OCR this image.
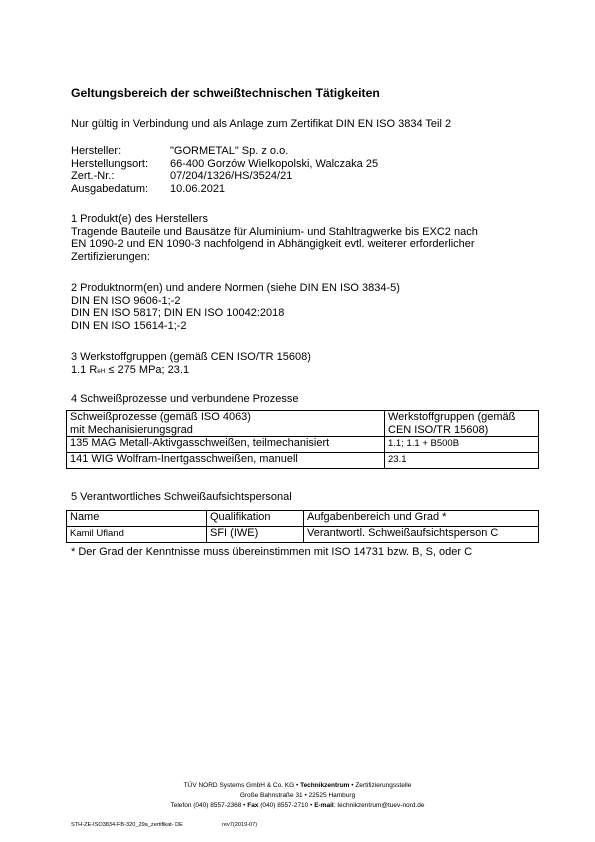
Geltungsbereich der schweißtechnischen Tätigkeiten
Nur gültig in Verbindung und als Anlage zum Zertifikat DIN EN ISO 3834 Teil 2
Hersteller:	"GORMETAL" Sp. z o.o.
Herstellungsort: 66-400 Gorzów Wielkopolski, Walczaka 25
Zert.-Nr.:	07/204/1326/HS/3524/21
Ausgabedatum: 10.06.2021
1 Produkt(e) des Herstellers
Tragende Bauteile und Bausätze für Aluminium- und Stahltragwerke bis EXC2 nach
EN 1090-2 und EN 1090-3 nachfolgend in Abhängigkeit evtl. weiterer erforderlicher
Zertifizierungen:
2 Produktnorm(en) und andere Normen (siehe DIN EN ISO 3834-5)
DIN EN ISO 9606-1;-2
DIN EN ISO 5817; DIN EN ISO 10042:2018
DIN EN ISO 15614-1;-2
3 Werkstoffgruppen (gemäß CEN ISO/TR 15608)
1.1 ReH ≤ 275 MPa; 23.1
4 Schweißprozesse und verbundene Prozesse
Schweißprozesse (gemäß ISO 4063)
mit Mechanisierungsgrad	Werkstoffgruppen (gemäß
CEN ISO/TR 15608)
135 MAG Metall-Aktivgasschweißen, teilmechanisiert	1.1; 1.1 + B500B
141 WIG Wolfram-Inertgasschweißen, manuell	23.1
5 Verantwortliches Schweißaufsichtspersonal
Name	Qualifikation	Aufgabenbereich und Grad *
Kamil Ufland	SFI (IWE)	Verantwortl. Schweißaufsichtsperson C
* Der Grad der Kenntnisse muss übereinstimmen mit ISO 14731 bzw. B, S, oder C
TÜV NORD Systems GmbH & Co. KG • Technikzentrum • Zertifizierungsstelle
Große Bahnstraße 31 • 22525 Hamburg
Telefon (040) 8557-2368 • Fax (040) 8557-2710 • E-mail: technikzentrum@tuev-nord.de
STH-ZE-ISO3834-FB-320_29a_zertifikat- DE	rev7(2019-07)
